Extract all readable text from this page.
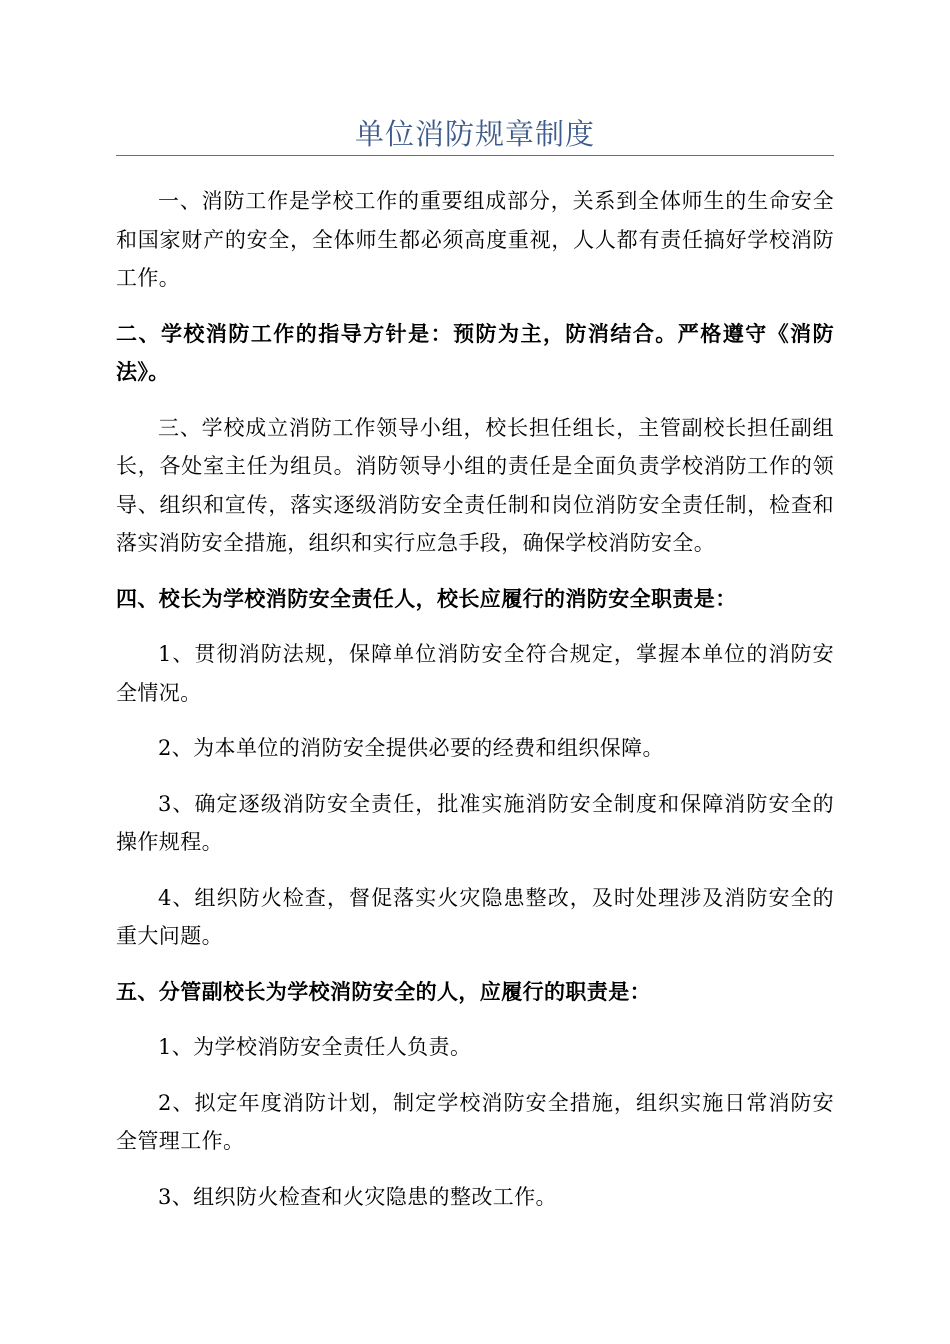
单位消防规章制度

一、消防工作是学校工作的重要组成部分，关系到全体师生的生命安全和国家财产的安全，全体师生都必须高度重视，人人都有责任搞好学校消防工作。

二、学校消防工作的指导方针是：预防为主，防消结合。严格遵守《消防法》。

三、学校成立消防工作领导小组，校长担任组长，主管副校长担任副组长，各处室主任为组员。消防领导小组的责任是全面负责学校消防工作的领导、组织和宣传，落实逐级消防安全责任制和岗位消防安全责任制，检查和落实消防安全措施，组织和实行应急手段，确保学校消防安全。

四、校长为学校消防安全责任人，校长应履行的消防安全职责是：

1、贯彻消防法规，保障单位消防安全符合规定，掌握本单位的消防安全情况。

2、为本单位的消防安全提供必要的经费和组织保障。

3、确定逐级消防安全责任，批准实施消防安全制度和保障消防安全的操作规程。

4、组织防火检查，督促落实火灾隐患整改，及时处理涉及消防安全的重大问题。

五、分管副校长为学校消防安全的人，应履行的职责是：

1、为学校消防安全责任人负责。

2、拟定年度消防计划，制定学校消防安全措施，组织实施日常消防安全管理工作。

3、组织防火检查和火灾隐患的整改工作。
